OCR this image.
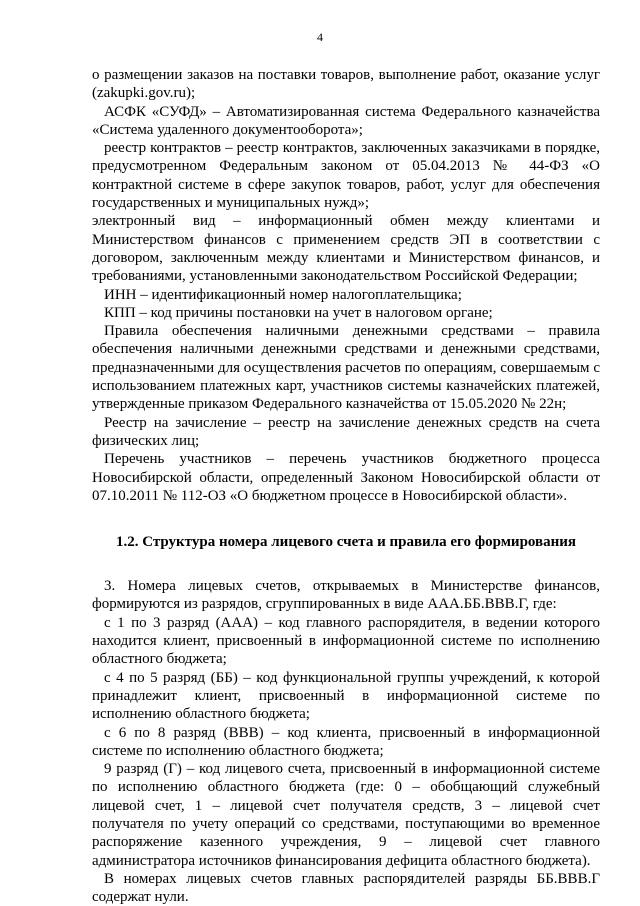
4

о размещении заказов на поставки товаров, выполнение работ, оказание услуг (zakupki.gov.ru);

АСФК «СУФД» – Автоматизированная система Федерального казначейства «Система удаленного документооборота»;

реестр контрактов – реестр контрактов, заключенных заказчиками в порядке, предусмотренном Федеральным законом от 05.04.2013 № 44-ФЗ «О контрактной системе в сфере закупок товаров, работ, услуг для обеспечения государственных и муниципальных нужд»;

электронный вид – информационный обмен между клиентами и Министерством финансов с применением средств ЭП в соответствии с договором, заключенным между клиентами и Министерством финансов, и требованиями, установленными законодательством Российской Федерации;

ИНН – идентификационный номер налогоплательщика;

КПП – код причины постановки на учет в налоговом органе;

Правила обеспечения наличными денежными средствами – правила обеспечения наличными денежными средствами и денежными средствами, предназначенными для осуществления расчетов по операциям, совершаемым с использованием платежных карт, участников системы казначейских платежей, утвержденные приказом Федерального казначейства от 15.05.2020 № 22н;

Реестр на зачисление – реестр на зачисление денежных средств на счета физических лиц;

Перечень участников – перечень участников бюджетного процесса Новосибирской области, определенный Законом Новосибирской области от 07.10.2011 № 112-ОЗ «О бюджетном процессе в Новосибирской области».

1.2. Структура номера лицевого счета и правила его формирования

3. Номера лицевых счетов, открываемых в Министерстве финансов, формируются из разрядов, сгруппированных в виде ААА.ББ.ВВВ.Г, где:

с 1 по 3 разряд (ААА) – код главного распорядителя, в ведении которого находится клиент, присвоенный в информационной системе по исполнению областного бюджета;

с 4 по 5 разряд (ББ) – код функциональной группы учреждений, к которой принадлежит клиент, присвоенный в информационной системе по исполнению областного бюджета;

с 6 по 8 разряд (ВВВ) – код клиента, присвоенный в информационной системе по исполнению областного бюджета;

9 разряд (Г) – код лицевого счета, присвоенный в информационной системе по исполнению областного бюджета (где: 0 – обобщающий служебный лицевой счет, 1 – лицевой счет получателя средств, 3 – лицевой счет получателя по учету операций со средствами, поступающими во временное распоряжение казенного учреждения, 9 – лицевой счет главного администратора источников финансирования дефицита областного бюджета).

В номерах лицевых счетов главных распорядителей разряды ББ.ВВВ.Г содержат нули.
